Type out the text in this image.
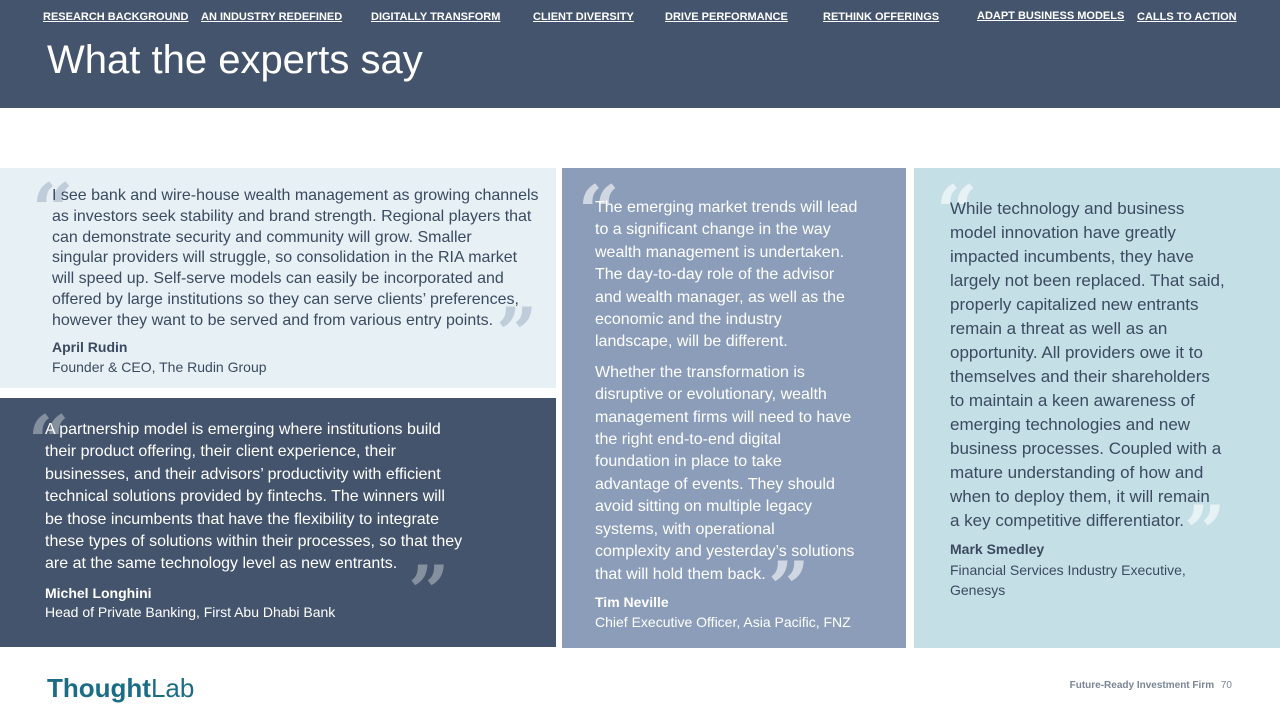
RESEARCH BACKGROUND AN INDUSTRY REDEFINED	DIGITALLY TRANSFORM	CLIENT DIVERSITY	DRIVE PERFORMANCE	RETHINK OFFERINGS	ADAPT BUSINESS MODELS CALLS TO ACTION
What the experts say
“
”

I see bank and wire-house wealth management as growing channels

as investors seek stability and brand strength. Regional players that

can demonstrate security and community will grow. Smaller

singular providers will struggle, so consolidation in the RIA market

will speed up. Self-serve models can easily be incorporated and

offered by large institutions so they can serve clients’ preferences,

however they want to be served and from various entry points.

April Rudin
Founder & CEO, The Rudin Group
“
”

A partnership model is emerging where institutions build

their product offering, their client experience, their

businesses, and their advisors’ productivity with efficient

technical solutions provided by fintechs. The winners will

be those incumbents that have the flexibility to integrate

these types of solutions within their processes, so that they

are at the same technology level as new entrants.

Michel Longhini
Head of Private Banking, First Abu Dhabi Bank
“
”

The emerging market trends will lead

to a significant change in the way

wealth management is undertaken.

The day-to-day role of the advisor

and wealth manager, as well as the

economic and the industry

landscape, will be different.

Whether the transformation is

disruptive or evolutionary, wealth

management firms will need to have

the right end-to-end digital

foundation in place to take

advantage of events. They should

avoid sitting on multiple legacy

systems, with operational

complexity and yesterday’s solutions

that will hold them back.

Tim Neville
Chief Executive Officer, Asia Pacific, FNZ
“
”

While technology and business

model innovation have greatly

impacted incumbents, they have

largely not been replaced. That said,

properly capitalized new entrants

remain a threat as well as an

opportunity. All providers owe it to

themselves and their shareholders

to maintain a keen awareness of

emerging technologies and new

business processes. Coupled with a

mature understanding of how and

when to deploy them, it will remain

a key competitive differentiator.

Mark Smedley
Financial Services Industry Executive,
Genesys
ThoughtLab	Future-Ready Investment Firm 70
